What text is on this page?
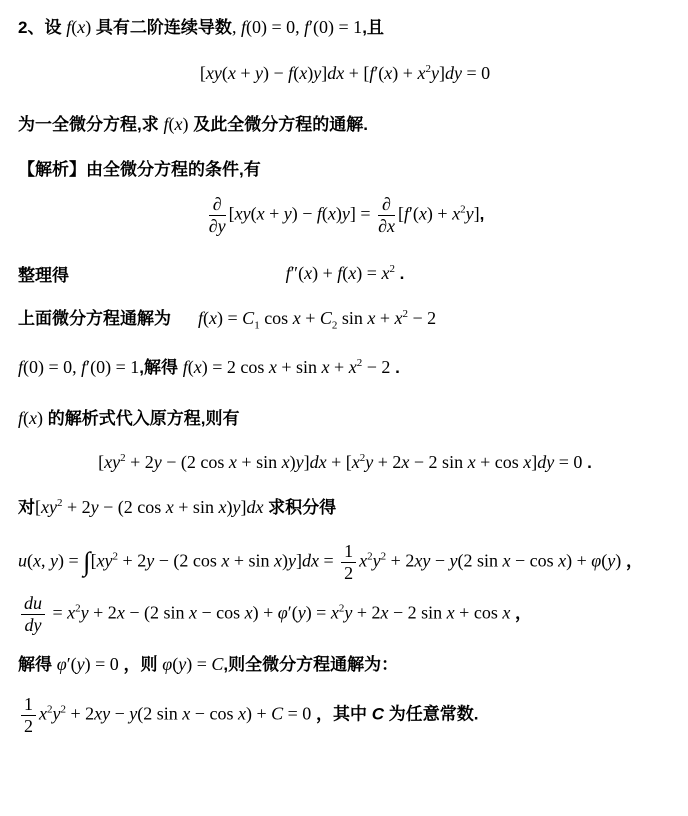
2、设 f(x) 具有二阶连续导数, f(0) = 0, f′(0) = 1,且
$[xy(x + y) - f(x)y]dx + [f'(x) + x^2y]dy = 0$
为一全微分方程,求 f(x) 及此全微分方程的通解.
【解析】由全微分方程的条件,有
$\frac{\partial}{\partial y} [xy(x + y) - f(x)y] = \frac{\partial}{\partial x} [f'(x) + x^2y]$,
整理得	$f''(x) + f(x) = x^2$ .
上面微分方程通解为 $f(x) = C_1$ $\cos x + C_2$ $\sin x + x^2 - 2$
f(0) = 0, f′(0) = 1,解得 f(x) = 2 $\cos x + \sin x + x^2 - 2$ .
f(x) 的解析式代入原方程,则有
[$xy^2 + 2y - (2$ $\cos x + \sin x)y]dx + [x^2y + 2x - 2$ sin x + cos x]dy = 0 .
对[$xy^2 + 2y - (2$ cos x + sin x)y]dx 求积分得
u(x, $y) = \int[xy^2 + 2y - (2$ $\cos x + \sin x)y]dx = \frac{1}{2} x^2y^2 + 2xy - y(2$ sin x − cos x) + φ(y) ，
$\frac{du}{dy} = x^2y + 2x - (2$ $\sin x - \cos x) + \varphi'(y) = x^2y + 2x - 2$ sin x + cos x ，
解得 φ′(y) = 0 ，则 φ(y) = C,则全微分方程通解为：
$\frac{1}{2} x^2y^2 + 2xy - y(2$ sin x − cos x) + C = 0 ，其中 C 为任意常数.
